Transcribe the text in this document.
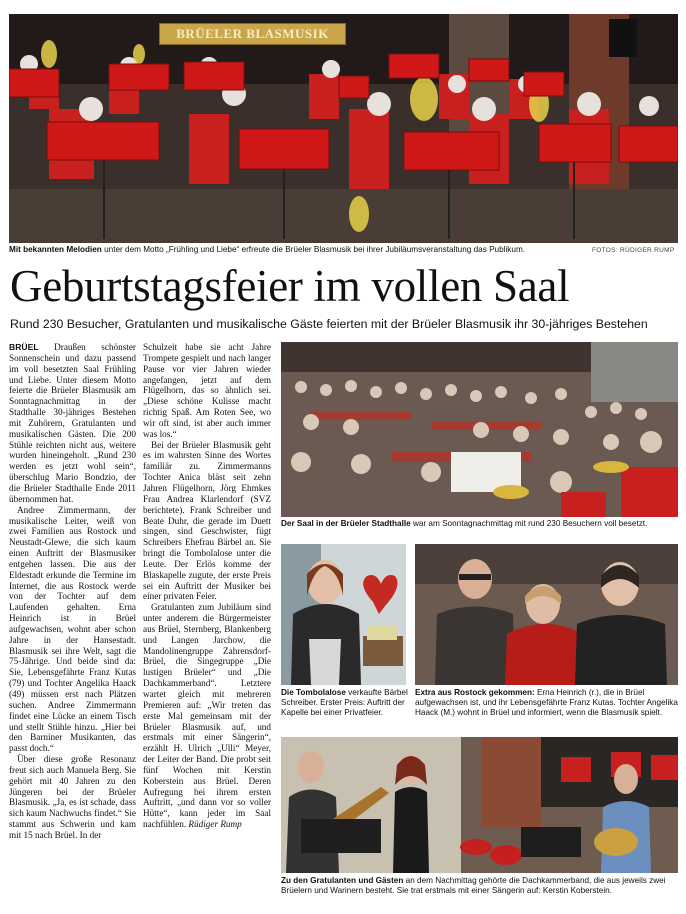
BRÜELER BLASMUSIK
Mit bekannten Melodien unter dem Motto „Frühling und Liebe“ erfreute die Brüeler Blasmusik bei ihrer Jubiläumsveranstaltung das Publikum.	FOTOS: RÜDIGER RUMP
Geburtstagsfeier im vollen Saal
Rund 230 Besucher, Gratulanten und musikalische Gäste feierten mit der Brüeler Blasmusik ihr 30-jähriges Bestehen

BRÜEL Draußen schönster Sonnenschein und dazu passend im voll besetzten Saal Frühling und Liebe. Unter diesem Motto feierte die Brüeler Blasmusik am Sonntagnachmittag in der Stadthalle 30-jähriges Bestehen mit Zuhörern, Gratulanten und musikalischen Gästen. Die 200 Stühle reichten nicht aus, weitere wurden hineingeholt. „Rund 230 werden es jetzt wohl sein“, überschlug Mario Bondzio, der die Brüeler Stadthalle Ende 2011 übernommen hat.

Andree Zimmermann, der musikalische Leiter, weiß von zwei Familien aus Rostock und Neustadt-Glewe, die sich kaum einen Auftritt der Blasmusiker entgehen lassen. Die aus der Eldestadt erkunde die Termine im Internet, die aus Rostock werde von der Tochter auf dem Laufenden gehalten. Erna Heinrich ist in Brüel aufgewachsen, wohnt aber schon Jahre in der Hansestadt. Blasmusik sei ihre Welt, sagt die 75-Jährige. Und beide sind da: Sie, Lebensgefährte Franz Kutas (79) und Tochter Angelika Haack (49) müssen erst nach Plätzen suchen. Andree Zimmermann findet eine Lücke an einem Tisch und stellt Stühle hinzu. „Hier bei den Barniner Musikanten, das passt doch.“

Über diese große Resonanz freut sich auch Manuela Berg. Sie gehört mit 40 Jahren zu den Jüngeren bei der Brüeler Blasmusik. „Ja, es ist schade, dass sich kaum Nachwuchs findet.“ Sie stammt aus Schwerin und kam mit 15 nach Brüel. In der

Schulzeit habe sie acht Jahre Trompete gespielt und nach langer Pause vor vier Jahren wieder angefangen, jetzt auf dem Flügelhorn, das so ähnlich sei. „Diese schöne Kulisse macht richtig Spaß. Am Roten See, wo wir oft sind, ist aber auch immer was los.“

Bei der Brüeler Blasmusik geht es im wahrsten Sinne des Wortes familiär zu. Zimmermanns Tochter Anica bläst seit zehn Jahren Flügelhorn, Jörg Ehmkes Frau Andrea Klarlendorf (SVZ berichtete). Frank Schreiber und Beate Duhr, die gerade im Duett singen, sind Geschwister, fügt Schreibers Ehefrau Bärbel an. Sie bringt die Tombolalose unter die Leute. Der Erlös komme der Blaskapelle zugute, der erste Preis sei ein Auftritt der Musiker bei einer privaten Feier.

Gratulanten zum Jubiläum sind unter anderem die Bürgermeister aus Brüel, Sternberg, Blankenberg und Langen Jarchow, die Mandolinengruppe Zahrensdorf-Brüel, die Singegruppe „Die lustigen Brüeler“ und „Die Dachkammerband“. Letztere wartet gleich mit mehreren Premieren auf: „Wir treten das erste Mal gemeinsam mit der Brüeler Blasmusik auf, und erstmals mit einer Sängerin“, erzählt H. Ulrich „Ulli“ Meyer, der Leiter der Band. Die probt seit fünf Wochen mit Kerstin Koberstein aus Brüel. Deren Aufregung bei ihrem ersten Auftritt, „und dann vor so voller Hütte“, kann jeder im Saal nachfühlen. Rüdiger Rump

Der Saal in der Brüeler Stadthalle war am Sonntagnachmittag mit rund 230 Besuchern voll besetzt.
Die Tombolalose verkaufte Bärbel Schreiber. Erster Preis: Auftritt der Kapelle bei einer Privatfeier.
Extra aus Rostock gekommen: Erna Heinrich (r.), die in Brüel aufgewachsen ist, und ihr Lebensgefährte Franz Kutas. Tochter Angelika Haack (M.) wohnt in Brüel und informiert, wenn die Blasmusik spielt.
Zu den Gratulanten und Gästen an dem Nachmittag gehörte die Dachkammerband, die aus jeweils zwei Brüelern und Warinern besteht. Sie trat erstmals mit einer Sängerin auf: Kerstin Koberstein.
